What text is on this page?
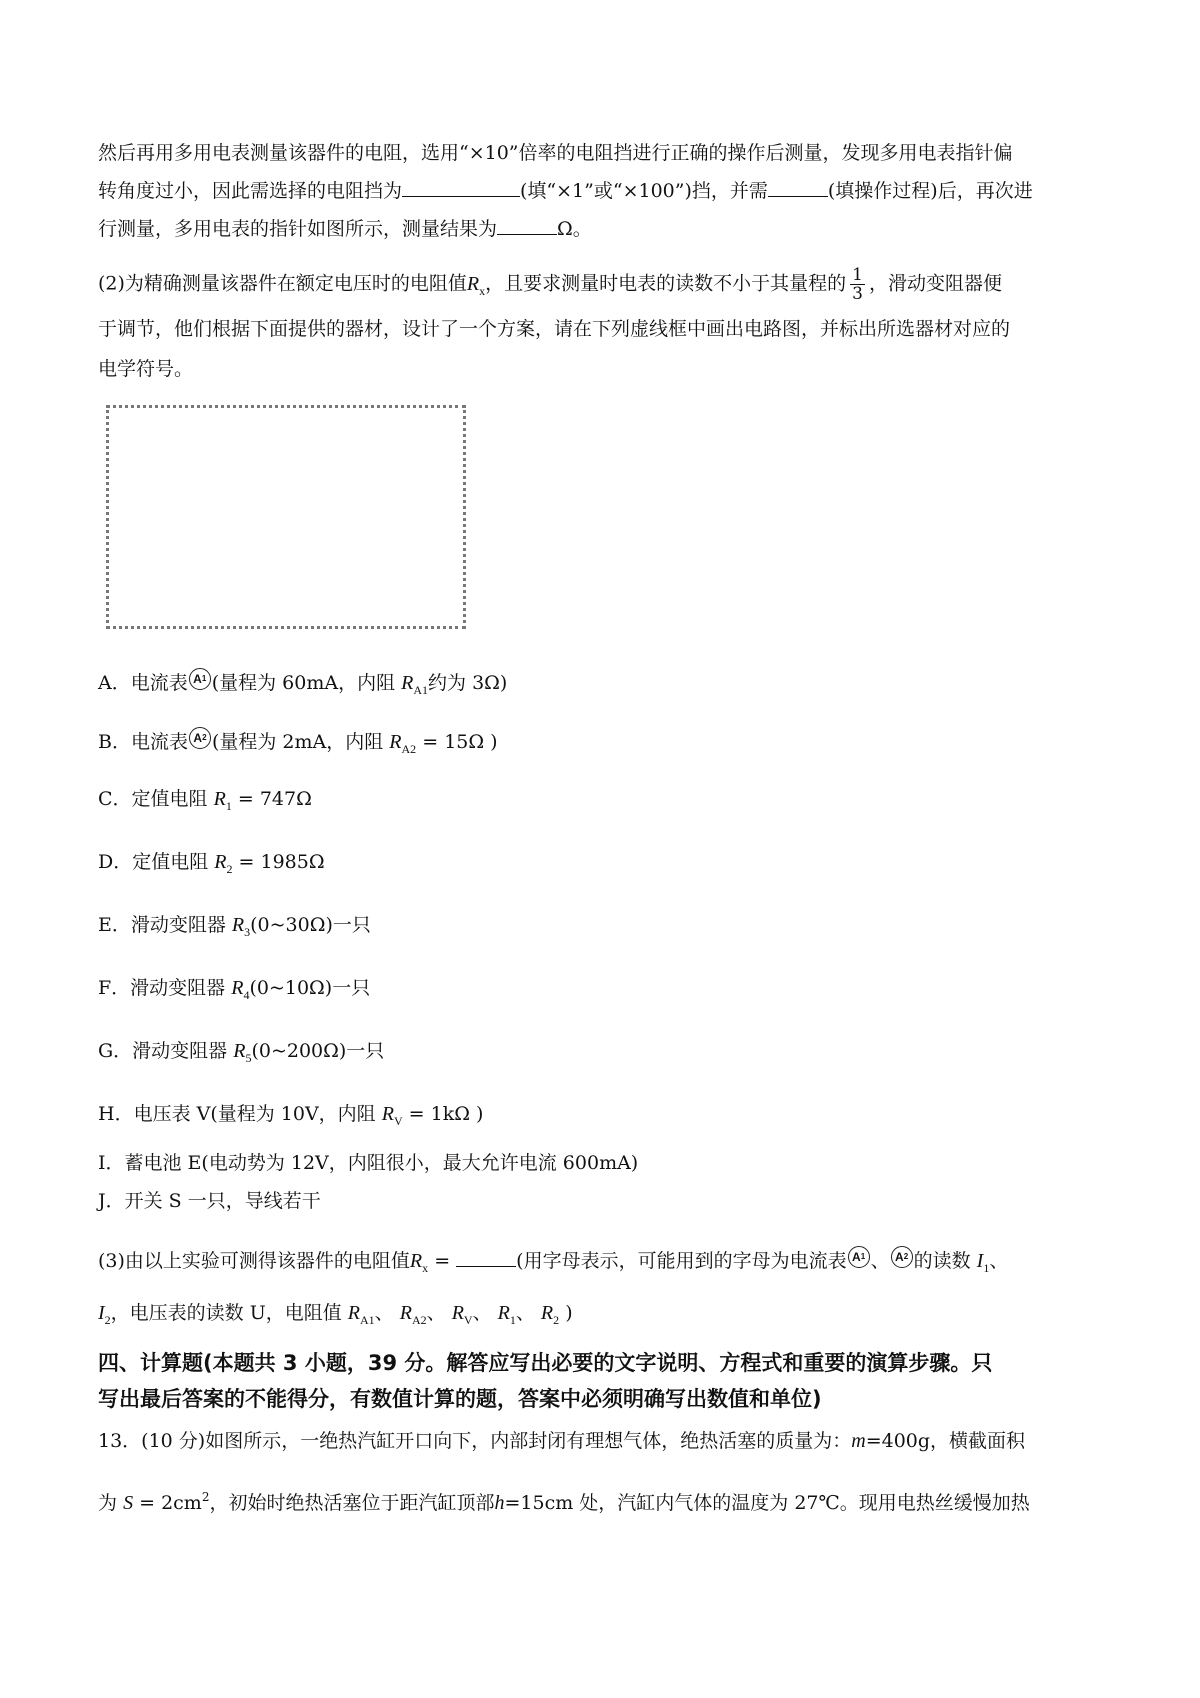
然后再用多用电表测量该器件的电阻，选用“×10”倍率的电阻挡进行正确的操作后测量，发现多用电表指针偏
转角度过小，因此需选择的电阻挡为	(填“×1”或“×100”)挡，并需	(填操作过程)后，再次进
行测量，多用电表的指针如图所示，测量结果为	Ω。
(2)为精确测量该器件在额定电压时的电阻值$R_x$，且要求测量时电表的读数不小于其量程的 $\frac{1}{3}$ ，滑动变阻器便
于调节，他们根据下面提供的器材，设计了一个方案，请在下列虚线框中画出电路图，并标出所选器材对应的
电学符号。
A．电流表 A 1 (量程为 60mA，内阻 $R_{A1}$约为 3Ω)
B．电流表 A 2 (量程为 2mA，内阻 $R_{A2} = 15\Omega$ )
C．定值电阻 $R_1 = 747\Omega$
D．定值电阻 $R_2 = 1985\Omega$
E．滑动变阻器 $R_3(0\sim 30\Omega)$一只
F．滑动变阻器 $R_4(0\sim 10\Omega)$一只
G．滑动变阻器 $R_5(0\sim 200\Omega)$一只
H．电压表 V(量程为 10V，内阻 $R_V = 1k\Omega$ )
I．蓄电池 E(电动势为 12V，内阻很小，最大允许电流 600mA)
J．开关 S 一只，导线若干
(3)由以上实验可测得该器件的电阻值$R_x$ =	(用字母表示，可能用到的字母为电流表 A 1 、 A 2 的读数 $I_1$、
$I_2$，电压表的读数 U，电阻值 $R_{A1}$、 $R_{A2}$、 $R_V$、 $R_1$、 $R_2$ )
四、计算题(本题共 3 小题，39 分。解答应写出必要的文字说明、方程式和重要的演算步骤。只
写出最后答案的不能得分，有数值计算的题，答案中必须明确写出数值和单位)
13．(10 分)如图所示，一绝热汽缸开口向下，内部封闭有理想气体，绝热活塞的质量为：m=400g，横截面积
为 $S = 2cm^2$，初始时绝热活塞位于距汽缸顶部h=15cm 处，汽缸内气体的温度为 27℃。现用电热丝缓慢加热
